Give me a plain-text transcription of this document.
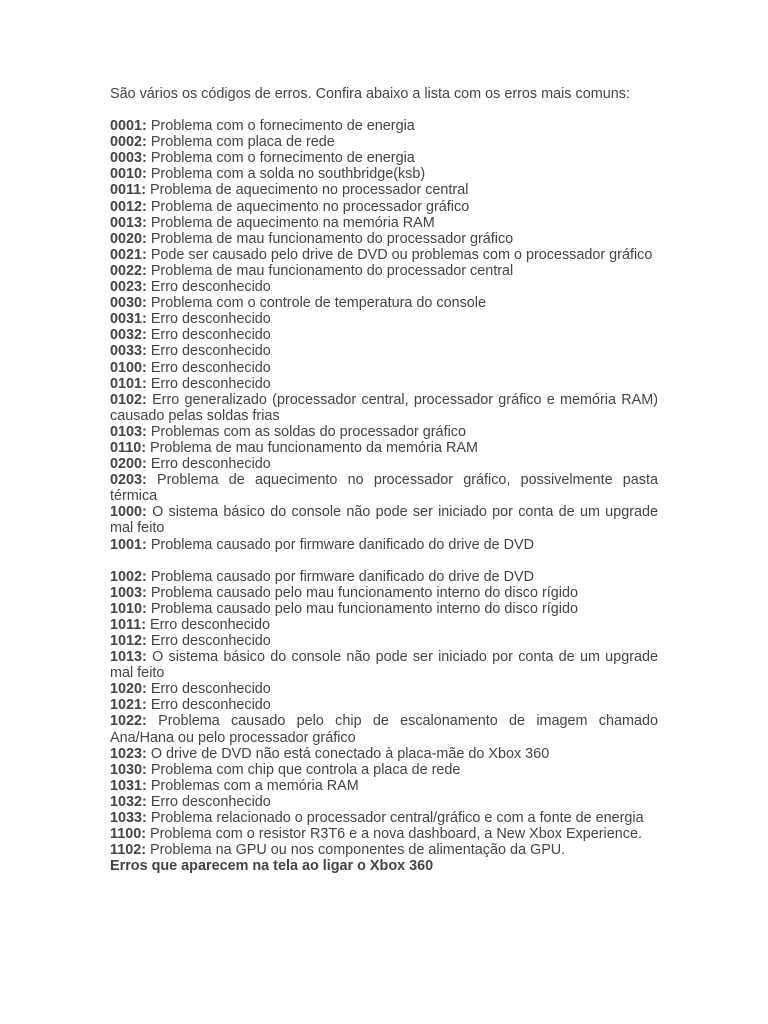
São vários os códigos de erros. Confira abaixo a lista com os erros mais comuns:

0001: Problema com o fornecimento de energia

0002: Problema com placa de rede

0003: Problema com o fornecimento de energia

0010: Problema com a solda no southbridge(ksb)

0011: Problema de aquecimento no processador central

0012: Problema de aquecimento no processador gráfico

0013: Problema de aquecimento na memória RAM

0020: Problema de mau funcionamento do processador gráfico

0021: Pode ser causado pelo drive de DVD ou problemas com o processador gráfico

0022: Problema de mau funcionamento do processador central

0023: Erro desconhecido

0030: Problema com o controle de temperatura do console

0031: Erro desconhecido

0032: Erro desconhecido

0033: Erro desconhecido

0100: Erro desconhecido

0101: Erro desconhecido

0102: Erro generalizado (processador central, processador gráfico e memória RAM) causado pelas soldas frias

0103: Problemas com as soldas do processador gráfico

0110: Problema de mau funcionamento da memória RAM

0200: Erro desconhecido

0203: Problema de aquecimento no processador gráfico, possivelmente pasta térmica

1000: O sistema básico do console não pode ser iniciado por conta de um upgrade mal feito

1001: Problema causado por firmware danificado do drive de DVD

1002: Problema causado por firmware danificado do drive de DVD

1003: Problema causado pelo mau funcionamento interno do disco rígido

1010: Problema causado pelo mau funcionamento interno do disco rígido

1011: Erro desconhecido

1012: Erro desconhecido

1013: O sistema básico do console não pode ser iniciado por conta de um upgrade mal feito

1020: Erro desconhecido

1021: Erro desconhecido

1022: Problema causado pelo chip de escalonamento de imagem chamado Ana/Hana ou pelo processador gráfico

1023: O drive de DVD não está conectado à placa-mãe do Xbox 360

1030: Problema com chip que controla a placa de rede

1031: Problemas com a memória RAM

1032: Erro desconhecido

1033: Problema relacionado o processador central/gráfico e com a fonte de energia

1100: Problema com o resistor R3T6 e a nova dashboard, a New Xbox Experience.

1102: Problema na GPU ou nos componentes de alimentação da GPU.

Erros que aparecem na tela ao ligar o Xbox 360
